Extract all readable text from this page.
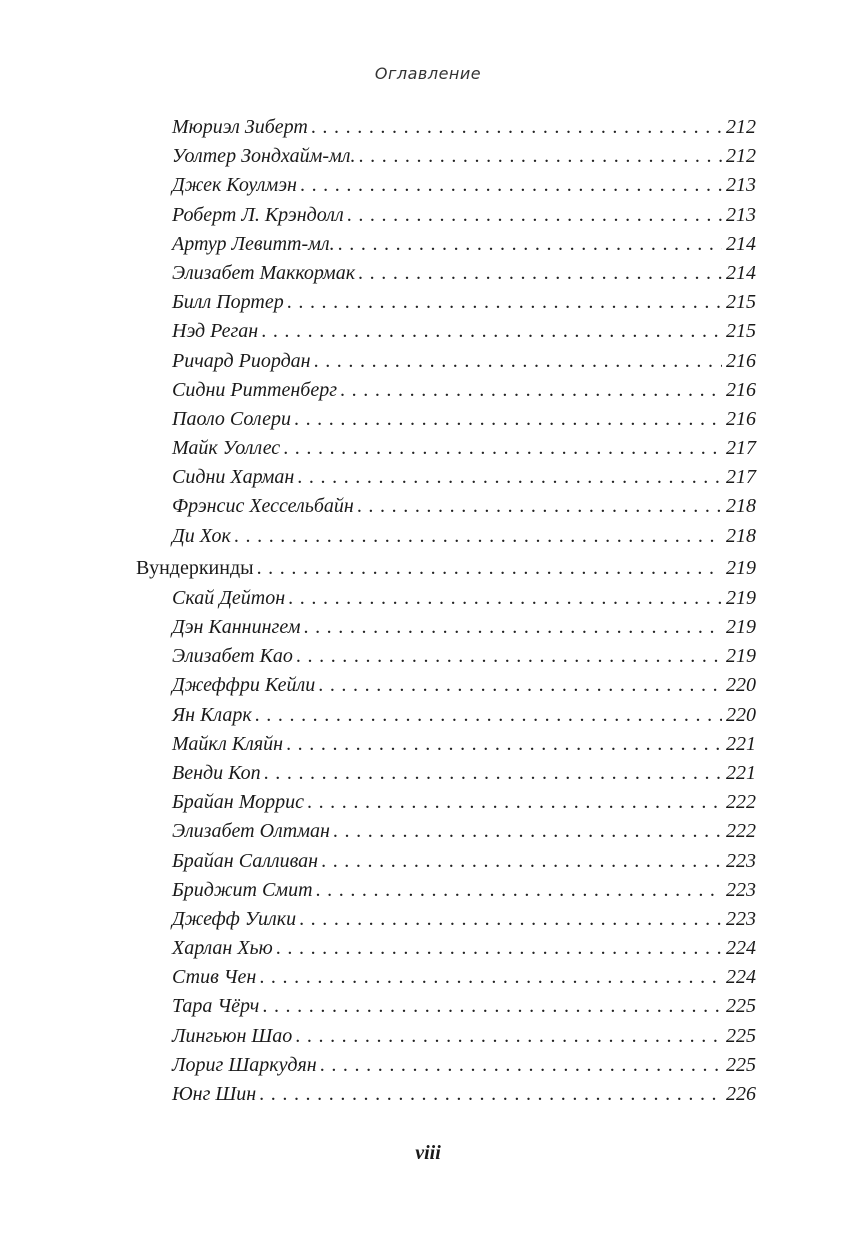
Оглавление
Мюриэл Зиберт . . .	212
Уолтер Зондхайм-мл. . . .	212
Джек Коулмэн . . .	213
Роберт Л. Крэндолл . . .	213
Артур Левитт-мл. . . .	214
Элизабет Маккормак . . .	214
Билл Портер . . .	215
Нэд Реган . . .	215
Ричард Риордан . . .	216
Сидни Риттенберг . . .	216
Паоло Солери . . .	216
Майк Уоллес . . .	217
Сидни Харман . . .	217
Фрэнсис Хессельбайн . . .	218
Ди Хок . . .	218
Вундеркинды . . .	219
Скай Дейтон . . .	219
Дэн Каннингем . . .	219
Элизабет Као . . .	219
Джеффри Кейли . . .	220
Ян Кларк . . .	220
Майкл Кляйн . . .	221
Венди Коп . . .	221
Брайан Моррис . . .	222
Элизабет Олтман . . .	222
Брайан Салливан . . .	223
Бриджит Смит . . .	223
Джефф Уилки . . .	223
Харлан Хью . . .	224
Стив Чен . . .	224
Тара Чёрч . . .	225
Лингьюн Шао . . .	225
Лориг Шаркудян . . .	225
Юнг Шин . . .	226
viii
